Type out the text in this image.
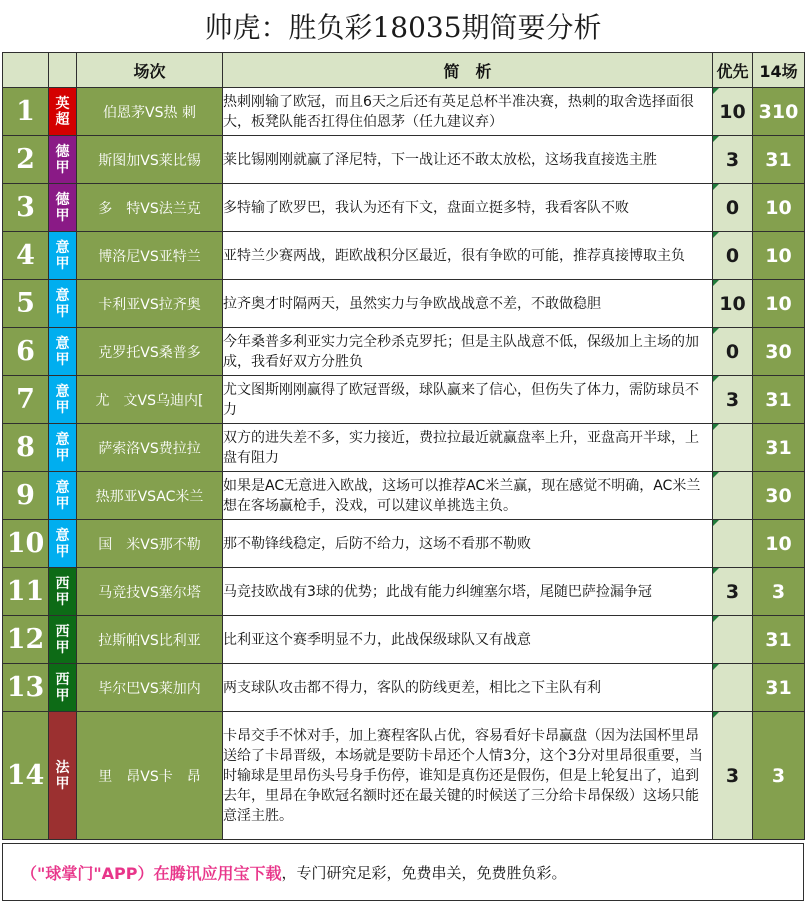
帅虎：胜负彩18035期简要分析
		场次	简　析	优先	14场
1	英超	伯恩茅VS热 刺	热刺刚输了欧冠，而且6天之后还有英足总杯半准决赛，热刺的取舍选择面很大，板凳队能否扛得住伯恩茅（任九建议弃）	10	310
2	德甲	斯图加VS莱比锡	莱比锡刚刚就赢了泽尼特，下一战让还不敢太放松，这场我直接选主胜	3	31
3	德甲	多　特VS法兰克	多特输了欧罗巴，我认为还有下文，盘面立挺多特，我看客队不败	0	10
4	意甲	博洛尼VS亚特兰	亚特兰少赛两战，距欧战积分区最近，很有争欧的可能，推荐真接博取主负	0	10
5	意甲	卡利亚VS拉齐奥	拉齐奥才时隔两天，虽然实力与争欧战战意不差，不敢做稳胆	10	10
6	意甲	克罗托VS桑普多	今年桑普多利亚实力完全秒杀克罗托；但是主队战意不低，保级加上主场的加成，我看好双方分胜负	0	30
7	意甲	尤　文VS乌迪内[	尤文图斯刚刚赢得了欧冠晋级，球队赢来了信心，但伤失了体力，需防球员不力	3	31
8	意甲	萨索洛VS费拉拉	双方的进失差不多，实力接近，费拉拉最近就赢盘率上升，亚盘高开半球，上盘有阻力		31
9	意甲	热那亚VSAC米兰	如果是AC无意进入欧战，这场可以推荐AC米兰赢，现在感觉不明确，AC米兰想在客场赢枪手，没戏，可以建议单挑选主负。		30
10	意甲	国　米VS那不勒	那不勒锋线稳定，后防不给力，这场不看那不勒败		10
11	西甲	马竞技VS塞尔塔	马竞技欧战有3球的优势；此战有能力纠缠塞尔塔，尾随巴萨捡漏争冠	3	3
12	西甲	拉斯帕VS比利亚	比利亚这个赛季明显不力，此战保级球队又有战意		31
13	西甲	毕尔巴VS莱加内	两支球队攻击都不得力，客队的防线更差，相比之下主队有利		31
14	法甲	里　昂VS卡　昂	卡昂交手不怵对手，加上赛程客队占优，容易看好卡昂赢盘（因为法国杯里昂送给了卡昂晋级，本场就是要防卡昂还个人情3分，这个3分对里昂很重要，当时输球是里昂伤头号身手伤停，谁知是真伤还是假伤，但是上轮复出了，追到去年，里昂在争欧冠名额时还在最关键的时候送了三分给卡昂保级）这场只能意淫主胜。	3	3
（"球掌门"APP）在腾讯应用宝下载 ，专门研究足彩，免费串关，免费胜负彩。
